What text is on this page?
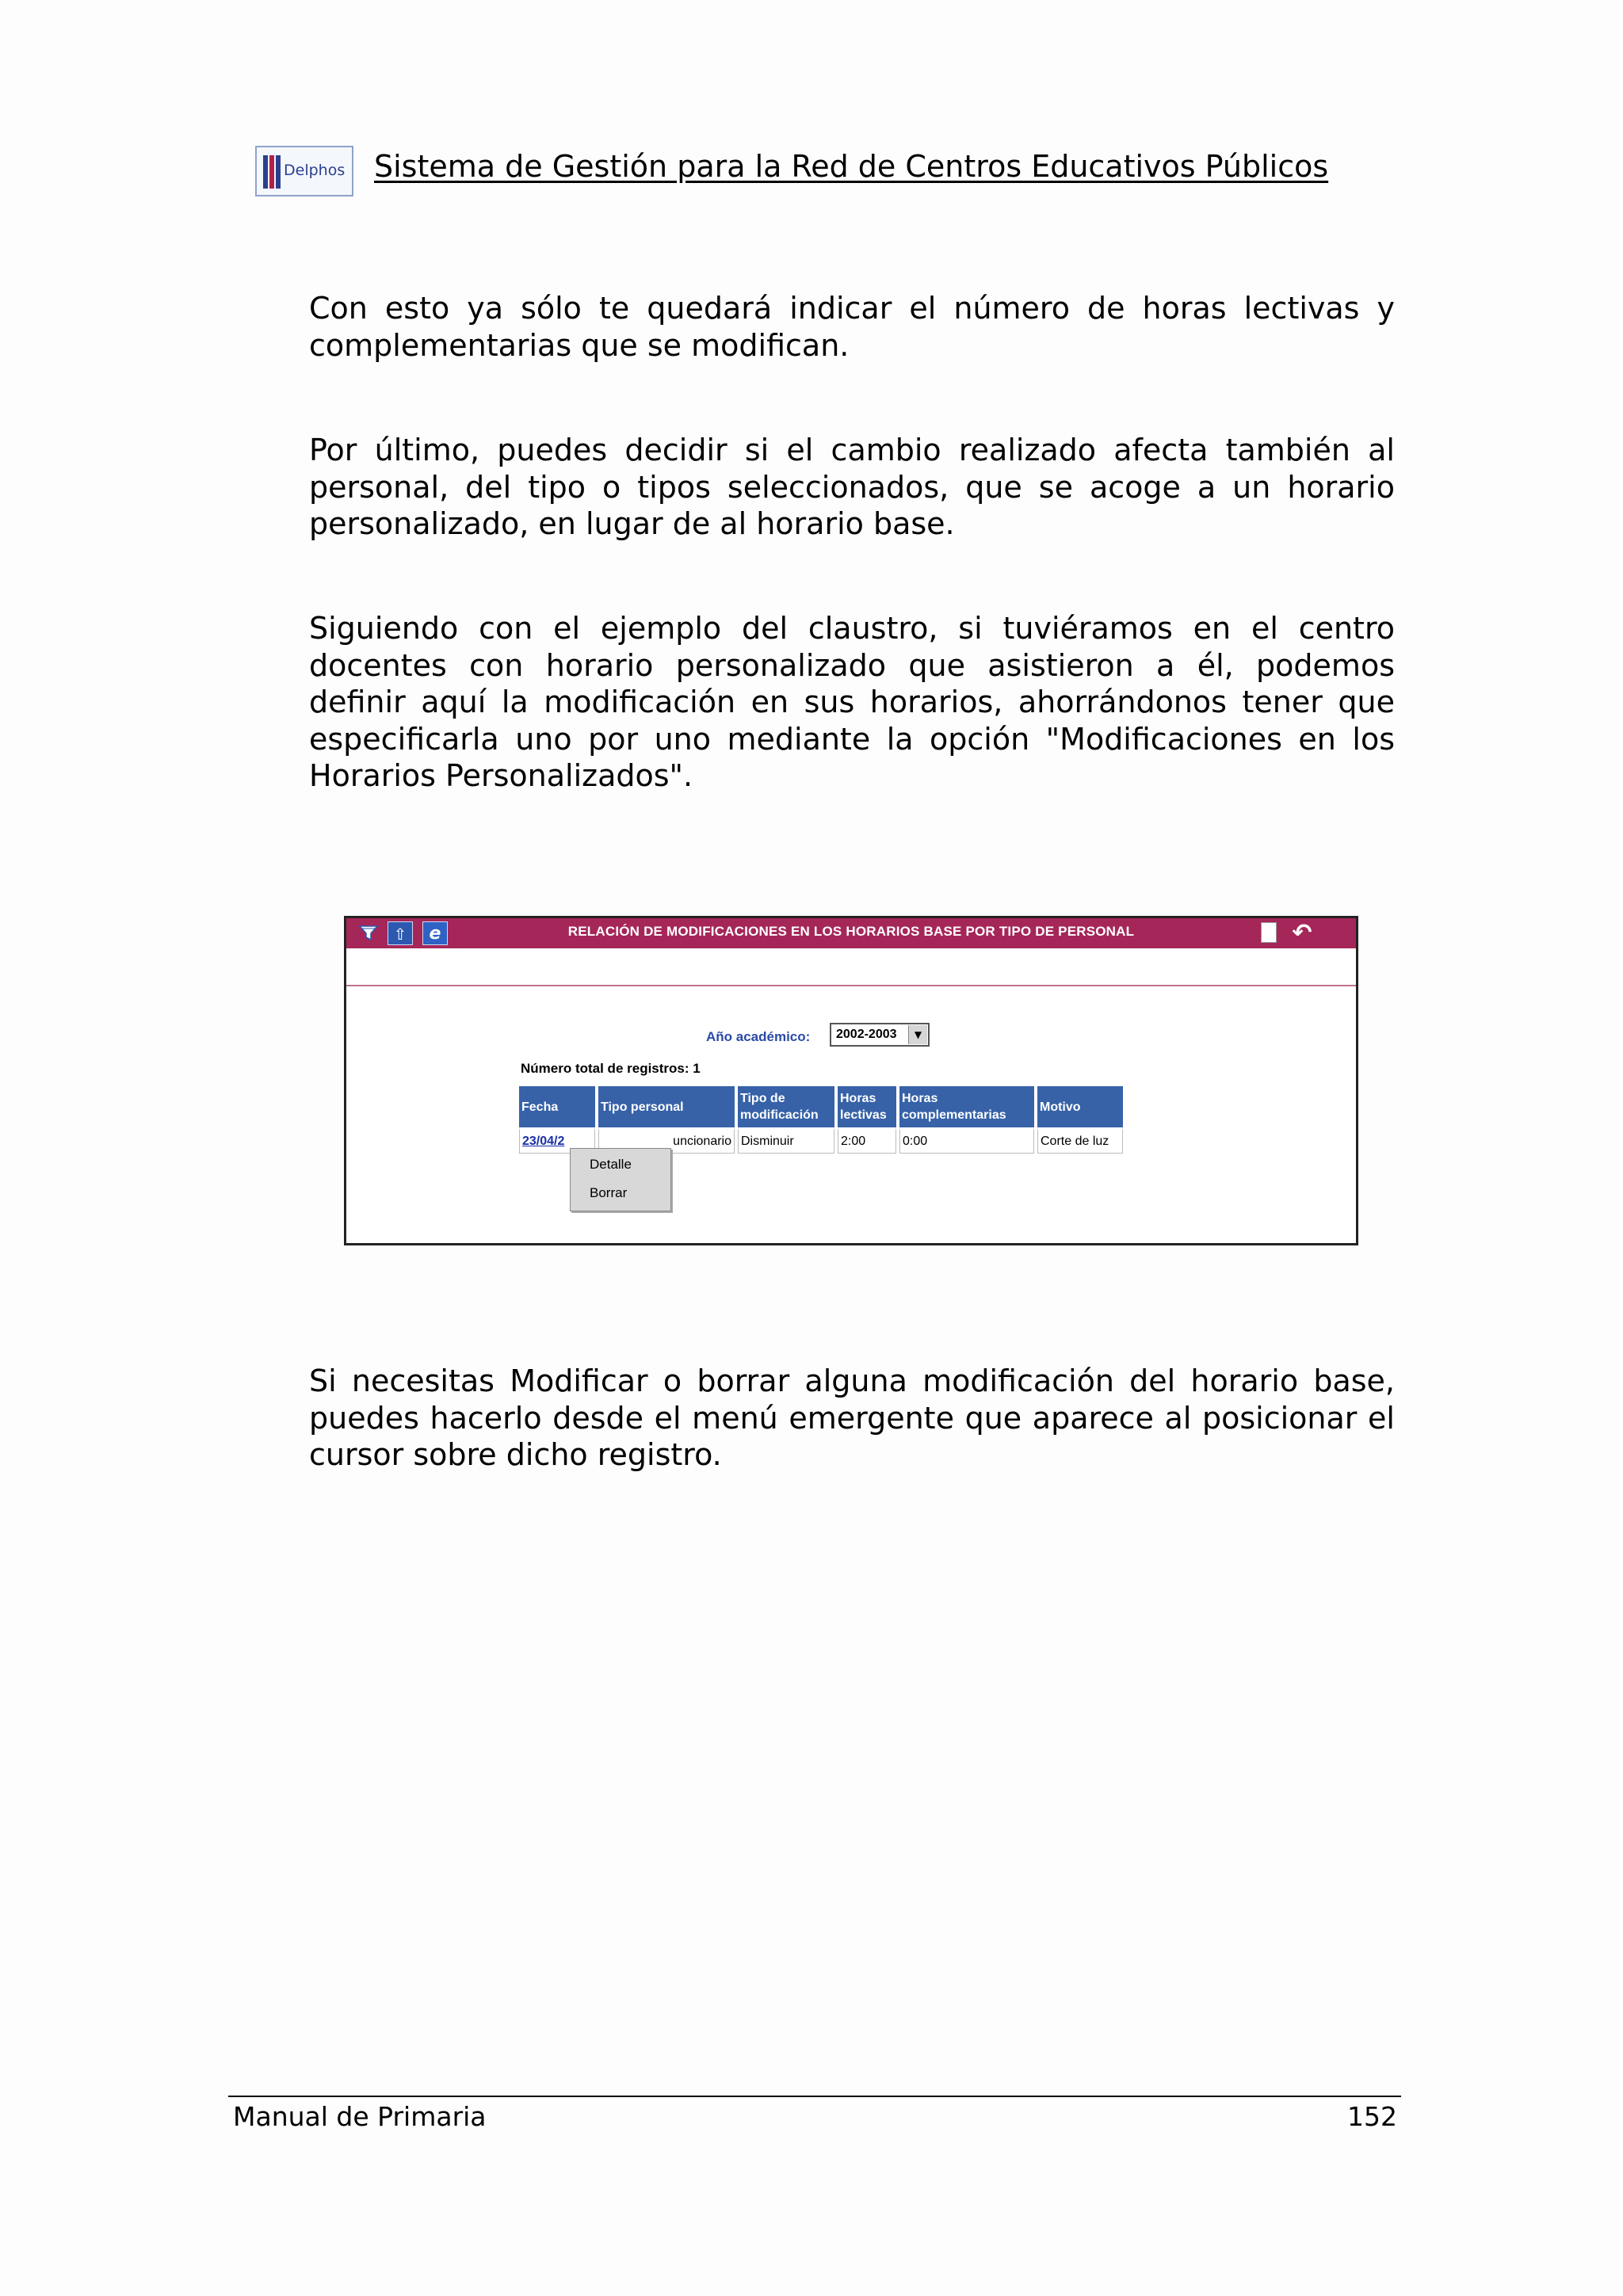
Delphos Sistema de Gestión para la Red de Centros Educativos Públicos

Con esto ya sólo te quedará indicar el número de horas lectivas y complementarias que se modifican.

Por último, puedes decidir si el cambio realizado afecta también al personal, del tipo o tipos seleccionados, que se acoge a un horario personalizado, en lugar de al horario base.

Siguiendo con el ejemplo del claustro, si tuviéramos en el centro docentes con horario personalizado que asistieron a él, podemos definir aquí la modificación en sus horarios, ahorrándonos tener que especificarla uno por uno mediante la opción "Modificaciones en los Horarios Personalizados".

⇧	e	RELACIÓN DE MODIFICACIONES EN LOS HORARIOS BASE POR TIPO DE PERSONAL	↶
Año académico: 2002-2003	▼
Número total de registros: 1
Fecha	Tipo personal	Tipo de modificación	Horas lectivas	Horas complementarias	Motivo
23/04/2	uncionario	Disminuir	2:00	0:00	Corte de luz
Detalle
Borrar

Si necesitas Modificar o borrar alguna modificación del horario base, puedes hacerlo desde el menú emergente que aparece al posicionar el cursor sobre dicho registro.

Manual de Primaria	152
